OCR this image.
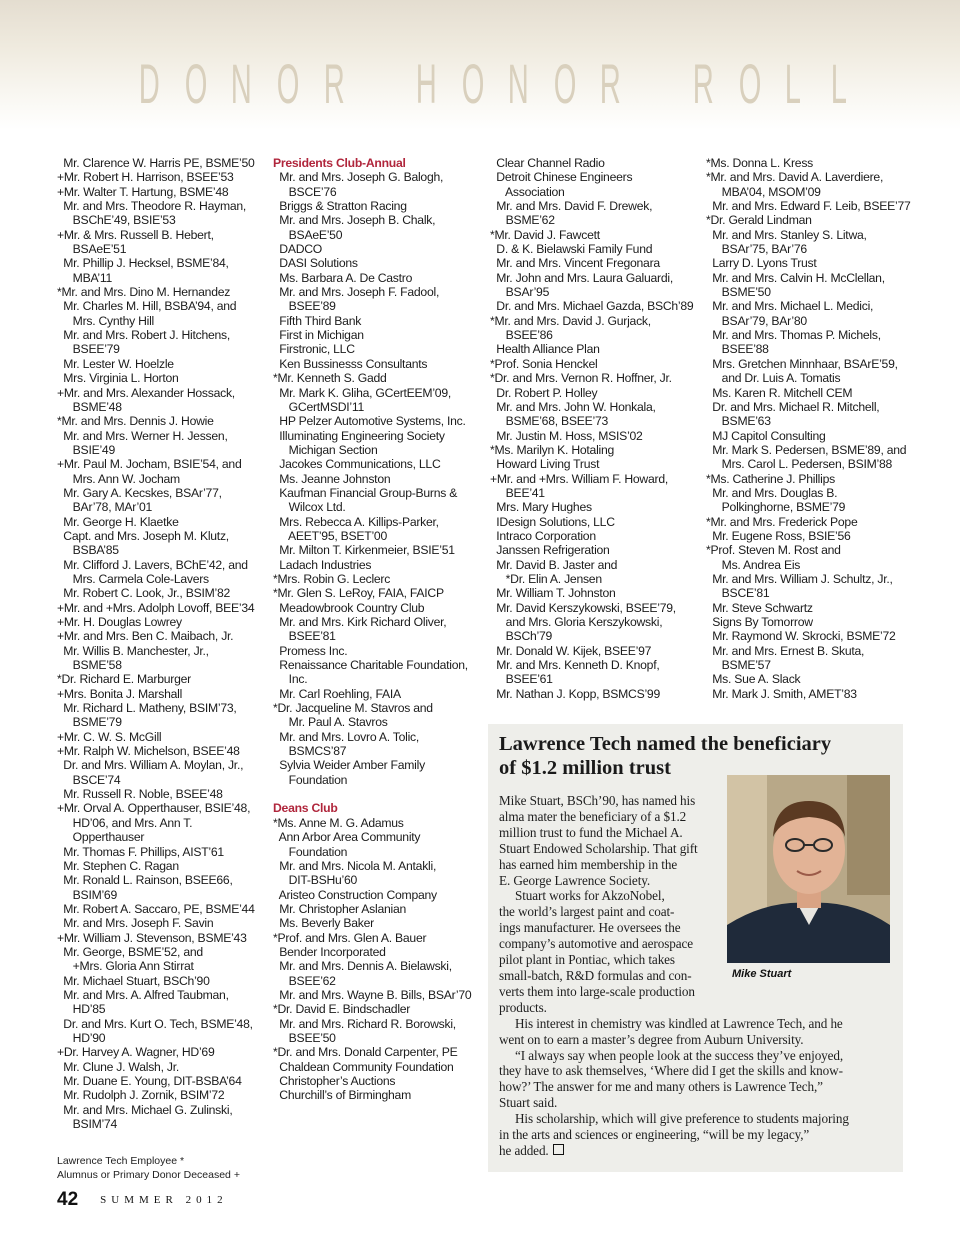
D O N O R H O N O R R O L L
Mr. Clarence W. Harris PE, BSME’50
+Mr. Robert H. Harrison, BSEE’53
+Mr. Walter T. Hartung, BSME’48
Mr. and Mrs. Theodore R. Hayman,
BSChE’49, BSIE’53
+Mr. & Mrs. Russell B. Hebert,
BSAeE’51
Mr. Phillip J. Hecksel, BSME’84,
MBA’11
*Mr. and Mrs. Dino M. Hernandez
Mr. Charles M. Hill, BSBA’94, and
Mrs. Cynthy Hill
Mr. and Mrs. Robert J. Hitchens,
BSEE’79
Mr. Lester W. Hoelzle
Mrs. Virginia L. Horton
+Mr. and Mrs. Alexander Hossack,
BSME’48
*Mr. and Mrs. Dennis J. Howie
Mr. and Mrs. Werner H. Jessen,
BSIE’49
+Mr. Paul M. Jocham, BSIE’54, and
Mrs. Ann W. Jocham
Mr. Gary A. Kecskes, BSAr’77,
BAr’78, MAr’01
Mr. George H. Klaetke
Capt. and Mrs. Joseph M. Klutz,
BSBA’85
Mr. Clifford J. Lavers, BChE’42, and
Mrs. Carmela Cole-Lavers
Mr. Robert C. Look, Jr., BSIM’82
+Mr. and +Mrs. Adolph Lovoff, BEE’34
+Mr. H. Douglas Lowrey
+Mr. and Mrs. Ben C. Maibach, Jr.
Mr. Willis B. Manchester, Jr.,
BSME’58
*Dr. Richard E. Marburger
+Mrs. Bonita J. Marshall
Mr. Richard L. Matheny, BSIM’73,
BSME’79
+Mr. C. W. S. McGill
+Mr. Ralph W. Michelson, BSEE’48
Dr. and Mrs. William A. Moylan, Jr.,
BSCE’74
Mr. Russell R. Noble, BSEE’48
+Mr. Orval A. Opperthauser, BSIE’48,
HD’06, and Mrs. Ann T.
Opperthauser
Mr. Thomas F. Phillips, AIST’61
Mr. Stephen C. Ragan
Mr. Ronald L. Rainson, BSEE66,
BSIM’69
Mr. Robert A. Saccaro, PE, BSME’44
Mr. and Mrs. Joseph F. Savin
+Mr. William J. Stevenson, BSME’43
Mr. George, BSME’52, and
+Mrs. Gloria Ann Stirrat
Mr. Michael Stuart, BSCh’90
Mr. and Mrs. A. Alfred Taubman,
HD’85
Dr. and Mrs. Kurt O. Tech, BSME’48,
HD’90
+Dr. Harvey A. Wagner, HD’69
Mr. Clune J. Walsh, Jr.
Mr. Duane E. Young, DIT-BSBA’64
Mr. Rudolph J. Zornik, BSIM’72
Mr. and Mrs. Michael G. Zulinski,
BSIM’74
Presidents Club-Annual
Mr. and Mrs. Joseph G. Balogh,
BSCE’76
Briggs & Stratton Racing
Mr. and Mrs. Joseph B. Chalk,
BSAeE’50
DADCO
DASI Solutions
Ms. Barbara A. De Castro
Mr. and Mrs. Joseph F. Fadool,
BSEE’89
Fifth Third Bank
First in Michigan
Firstronic, LLC
Ken Bussinesss Consultants
*Mr. Kenneth S. Gadd
Mr. Mark K. Gliha, GCertEEM’09,
GCertMSDI’11
HP Pelzer Automotive Systems, Inc.
Illuminating Engineering Society
Michigan Section
Jacokes Communications, LLC
Ms. Jeanne Johnston
Kaufman Financial Group-Burns &
Wilcox Ltd.
Mrs. Rebecca A. Killips-Parker,
AEET’95, BSET’00
Mr. Milton T. Kirkenmeier, BSIE’51
Ladach Industries
*Mrs. Robin G. Leclerc
*Mr. Glen S. LeRoy, FAIA, FAICP
Meadowbrook Country Club
Mr. and Mrs. Kirk Richard Oliver,
BSEE’81
Promess Inc.
Renaissance Charitable Foundation,
Inc.
Mr. Carl Roehling, FAIA
*Dr. Jacqueline M. Stavros and
Mr. Paul A. Stavros
Mr. and Mrs. Lovro A. Tolic,
BSMCS’87
Sylvia Weider Amber Family
Foundation
Deans Club
*Ms. Anne M. G. Adamus
Ann Arbor Area Community
Foundation
Mr. and Mrs. Nicola M. Antakli,
DIT-BSHu’60
Aristeo Construction Company
Mr. Christopher Aslanian
Ms. Beverly Baker
*Prof. and Mrs. Glen A. Bauer
Bender Incorporated
Mr. and Mrs. Dennis A. Bielawski,
BSEE’62
Mr. and Mrs. Wayne B. Bills, BSAr’70
*Dr. David E. Bindschadler
Mr. and Mrs. Richard R. Borowski,
BSEE’50
*Dr. and Mrs. Donald Carpenter, PE
Chaldean Community Foundation
Christopher’s Auctions
Churchill’s of Birmingham
Clear Channel Radio
Detroit Chinese Engineers
Association
Mr. and Mrs. David F. Drewek,
BSME’62
*Mr. David J. Fawcett
D. & K. Bielawski Family Fund
Mr. and Mrs. Vincent Fregonara
Mr. John and Mrs. Laura Galuardi,
BSAr’95
Dr. and Mrs. Michael Gazda, BSCh’89
*Mr. and Mrs. David J. Gurjack,
BSEE’86
Health Alliance Plan
*Prof. Sonia Henckel
*Dr. and Mrs. Vernon R. Hoffner, Jr.
Dr. Robert P. Holley
Mr. and Mrs. John W. Honkala,
BSME’68, BSEE’73
Mr. Justin M. Hoss, MSIS’02
*Ms. Marilyn K. Hotaling
Howard Living Trust
+Mr. and +Mrs. William F. Howard,
BEE’41
Mrs. Mary Hughes
IDesign Solutions, LLC
Intraco Corporation
Janssen Refrigeration
Mr. David B. Jaster and
*Dr. Elin A. Jensen
Mr. William T. Johnston
Mr. David Kerszykowski, BSEE’79,
and Mrs. Gloria Kerszykowski,
BSCh’79
Mr. Donald W. Kijek, BSEE’97
Mr. and Mrs. Kenneth D. Knopf,
BSEE’61
Mr. Nathan J. Kopp, BSMCS’99
*Ms. Donna L. Kress
*Mr. and Mrs. David A. Laverdiere,
MBA’04, MSOM’09
Mr. and Mrs. Edward F. Leib, BSEE’77
*Dr. Gerald Lindman
Mr. and Mrs. Stanley S. Litwa,
BSAr’75, BAr’76
Larry D. Lyons Trust
Mr. and Mrs. Calvin H. McClellan,
BSME’50
Mr. and Mrs. Michael L. Medici,
BSAr’79, BAr’80
Mr. and Mrs. Thomas P. Michels,
BSEE’88
Mrs. Gretchen Minnhaar, BSArE’59,
and Dr. Luis A. Tomatis
Ms. Karen R. Mitchell CEM
Dr. and Mrs. Michael R. Mitchell,
BSME’63
MJ Capitol Consulting
Mr. Mark S. Pedersen, BSME’89, and
Mrs. Carol L. Pedersen, BSIM’88
*Ms. Catherine J. Phillips
Mr. and Mrs. Douglas B.
Polkinghorne, BSME’79
*Mr. and Mrs. Frederick Pope
Mr. Eugene Ross, BSIE’56
*Prof. Steven M. Rost and
Ms. Andrea Eis
Mr. and Mrs. William J. Schultz, Jr.,
BSCE’81
Mr. Steve Schwartz
Signs By Tomorrow
Mr. Raymond W. Skrocki, BSME’72
Mr. and Mrs. Ernest B. Skuta,
BSME’57
Ms. Sue A. Slack
Mr. Mark J. Smith, AMET’83
Lawrence Tech Employee *
Alumnus or Primary Donor Deceased +
42 SUMMER 2012
Lawrence Tech named the beneficiary
of $1.2 million trust
Mike Stuart
Mike Stuart, BSCh’90, has named his
alma mater the beneficiary of a $1.2
million trust to fund the Michael A.
Stuart Endowed Scholarship. That gift
has earned him membership in the
E. George Lawrence Society.
Stuart works for AkzoNobel,
the world’s largest paint and coat-
ings manufacturer. He oversees the
company’s automotive and aerospace
pilot plant in Pontiac, which takes
small-batch, R&D formulas and con-
verts them into large-scale production
products.
His interest in chemistry was kindled at Lawrence Tech, and he
went on to earn a master’s degree from Auburn University.
“I always say when people look at the success they’ve enjoyed,
they have to ask themselves, ‘Where did I get the skills and know-
how?’ The answer for me and many others is Lawrence Tech,”
Stuart said.
His scholarship, which will give preference to students majoring
in the arts and sciences or engineering, “will be my legacy,”
he added.
